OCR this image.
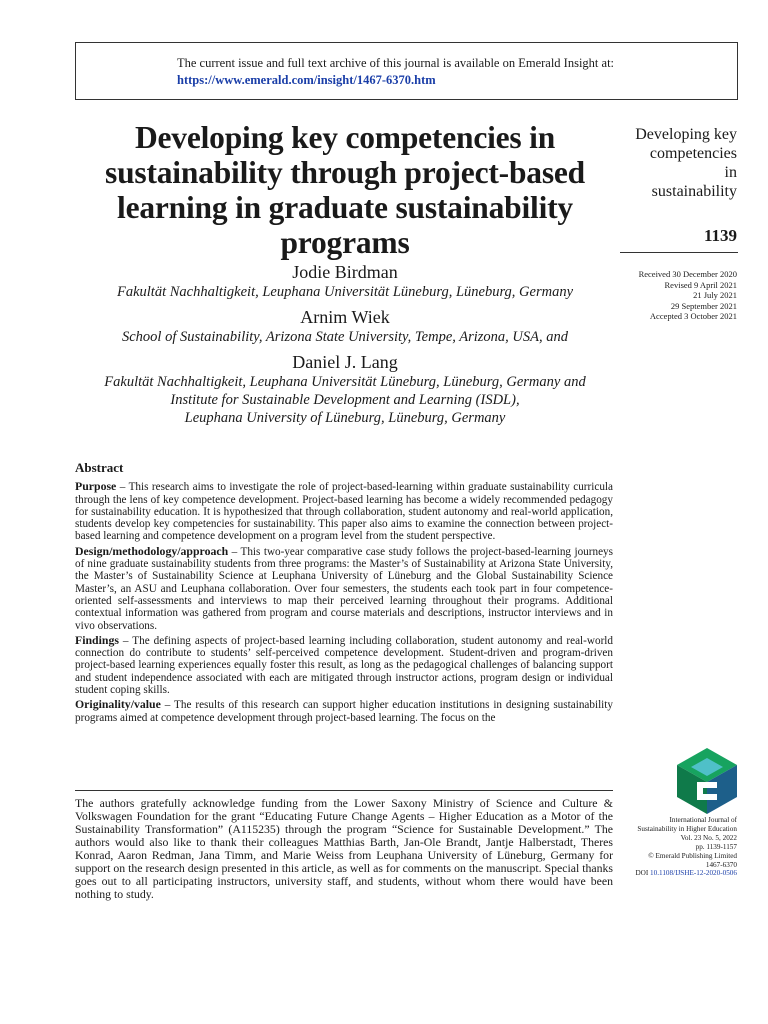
The current issue and full text archive of this journal is available on Emerald Insight at:
https://www.emerald.com/insight/1467-6370.htm
Developing key competencies in sustainability through project-based learning in graduate sustainability programs
Jodie Birdman
Fakultät Nachhaltigkeit, Leuphana Universität Lüneburg, Lüneburg, Germany
Arnim Wiek
School of Sustainability, Arizona State University, Tempe, Arizona, USA, and
Daniel J. Lang
Fakultät Nachhaltigkeit, Leuphana Universität Lüneburg, Lüneburg, Germany and
Institute for Sustainable Development and Learning (ISDL),
Leuphana University of Lüneburg, Lüneburg, Germany
Developing key
competencies
in
sustainability
1139
Received 30 December 2020
Revised 9 April 2021
21 July 2021
29 September 2021
Accepted 3 October 2021
Abstract

Purpose – This research aims to investigate the role of project-based-learning within graduate sustainability curricula through the lens of key competence development. Project-based learning has become a widely recommended pedagogy for sustainability education. It is hypothesized that through collaboration, student autonomy and real-world application, students develop key competencies for sustainability. This paper also aims to examine the connection between project-based learning and competence development on a program level from the student perspective.

Design/methodology/approach – This two-year comparative case study follows the project-based-learning journeys of nine graduate sustainability students from three programs: the Master’s of Sustainability at Arizona State University, the Master’s of Sustainability Science at Leuphana University of Lüneburg and the Global Sustainability Science Master’s, an ASU and Leuphana collaboration. Over four semesters, the students each took part in four competence-oriented self-assessments and interviews to map their perceived learning throughout their programs. Additional contextual information was gathered from program and course materials and descriptions, instructor interviews and in vivo observations.

Findings – The defining aspects of project-based learning including collaboration, student autonomy and real-world connection do contribute to students’ self-perceived competence development. Student-driven and program-driven project-based learning experiences equally foster this result, as long as the pedagogical challenges of balancing support and student independence associated with each are mitigated through instructor actions, program design or individual student coping skills.

Originality/value – The results of this research can support higher education institutions in designing sustainability programs aimed at competence development through project-based learning. The focus on the

The authors gratefully acknowledge funding from the Lower Saxony Ministry of Science and Culture & Volkswagen Foundation for the grant “Educating Future Change Agents – Higher Education as a Motor of the Sustainability Transformation” (A115235) through the program “Science for Sustainable Development.” The authors would also like to thank their colleagues Matthias Barth, Jan-Ole Brandt, Jantje Halberstadt, Theres Konrad, Aaron Redman, Jana Timm, and Marie Weiss from Leuphana University of Lüneburg, Germany for support on the research design presented in this article, as well as for comments on the manuscript. Special thanks goes out to all participating instructors, university staff, and students, without whom there would have been nothing to study.

International Journal of
Sustainability in Higher Education
Vol. 23 No. 5, 2022
pp. 1139-1157
© Emerald Publishing Limited
1467-6370
DOI 10.1108/IJSHE-12-2020-0506
